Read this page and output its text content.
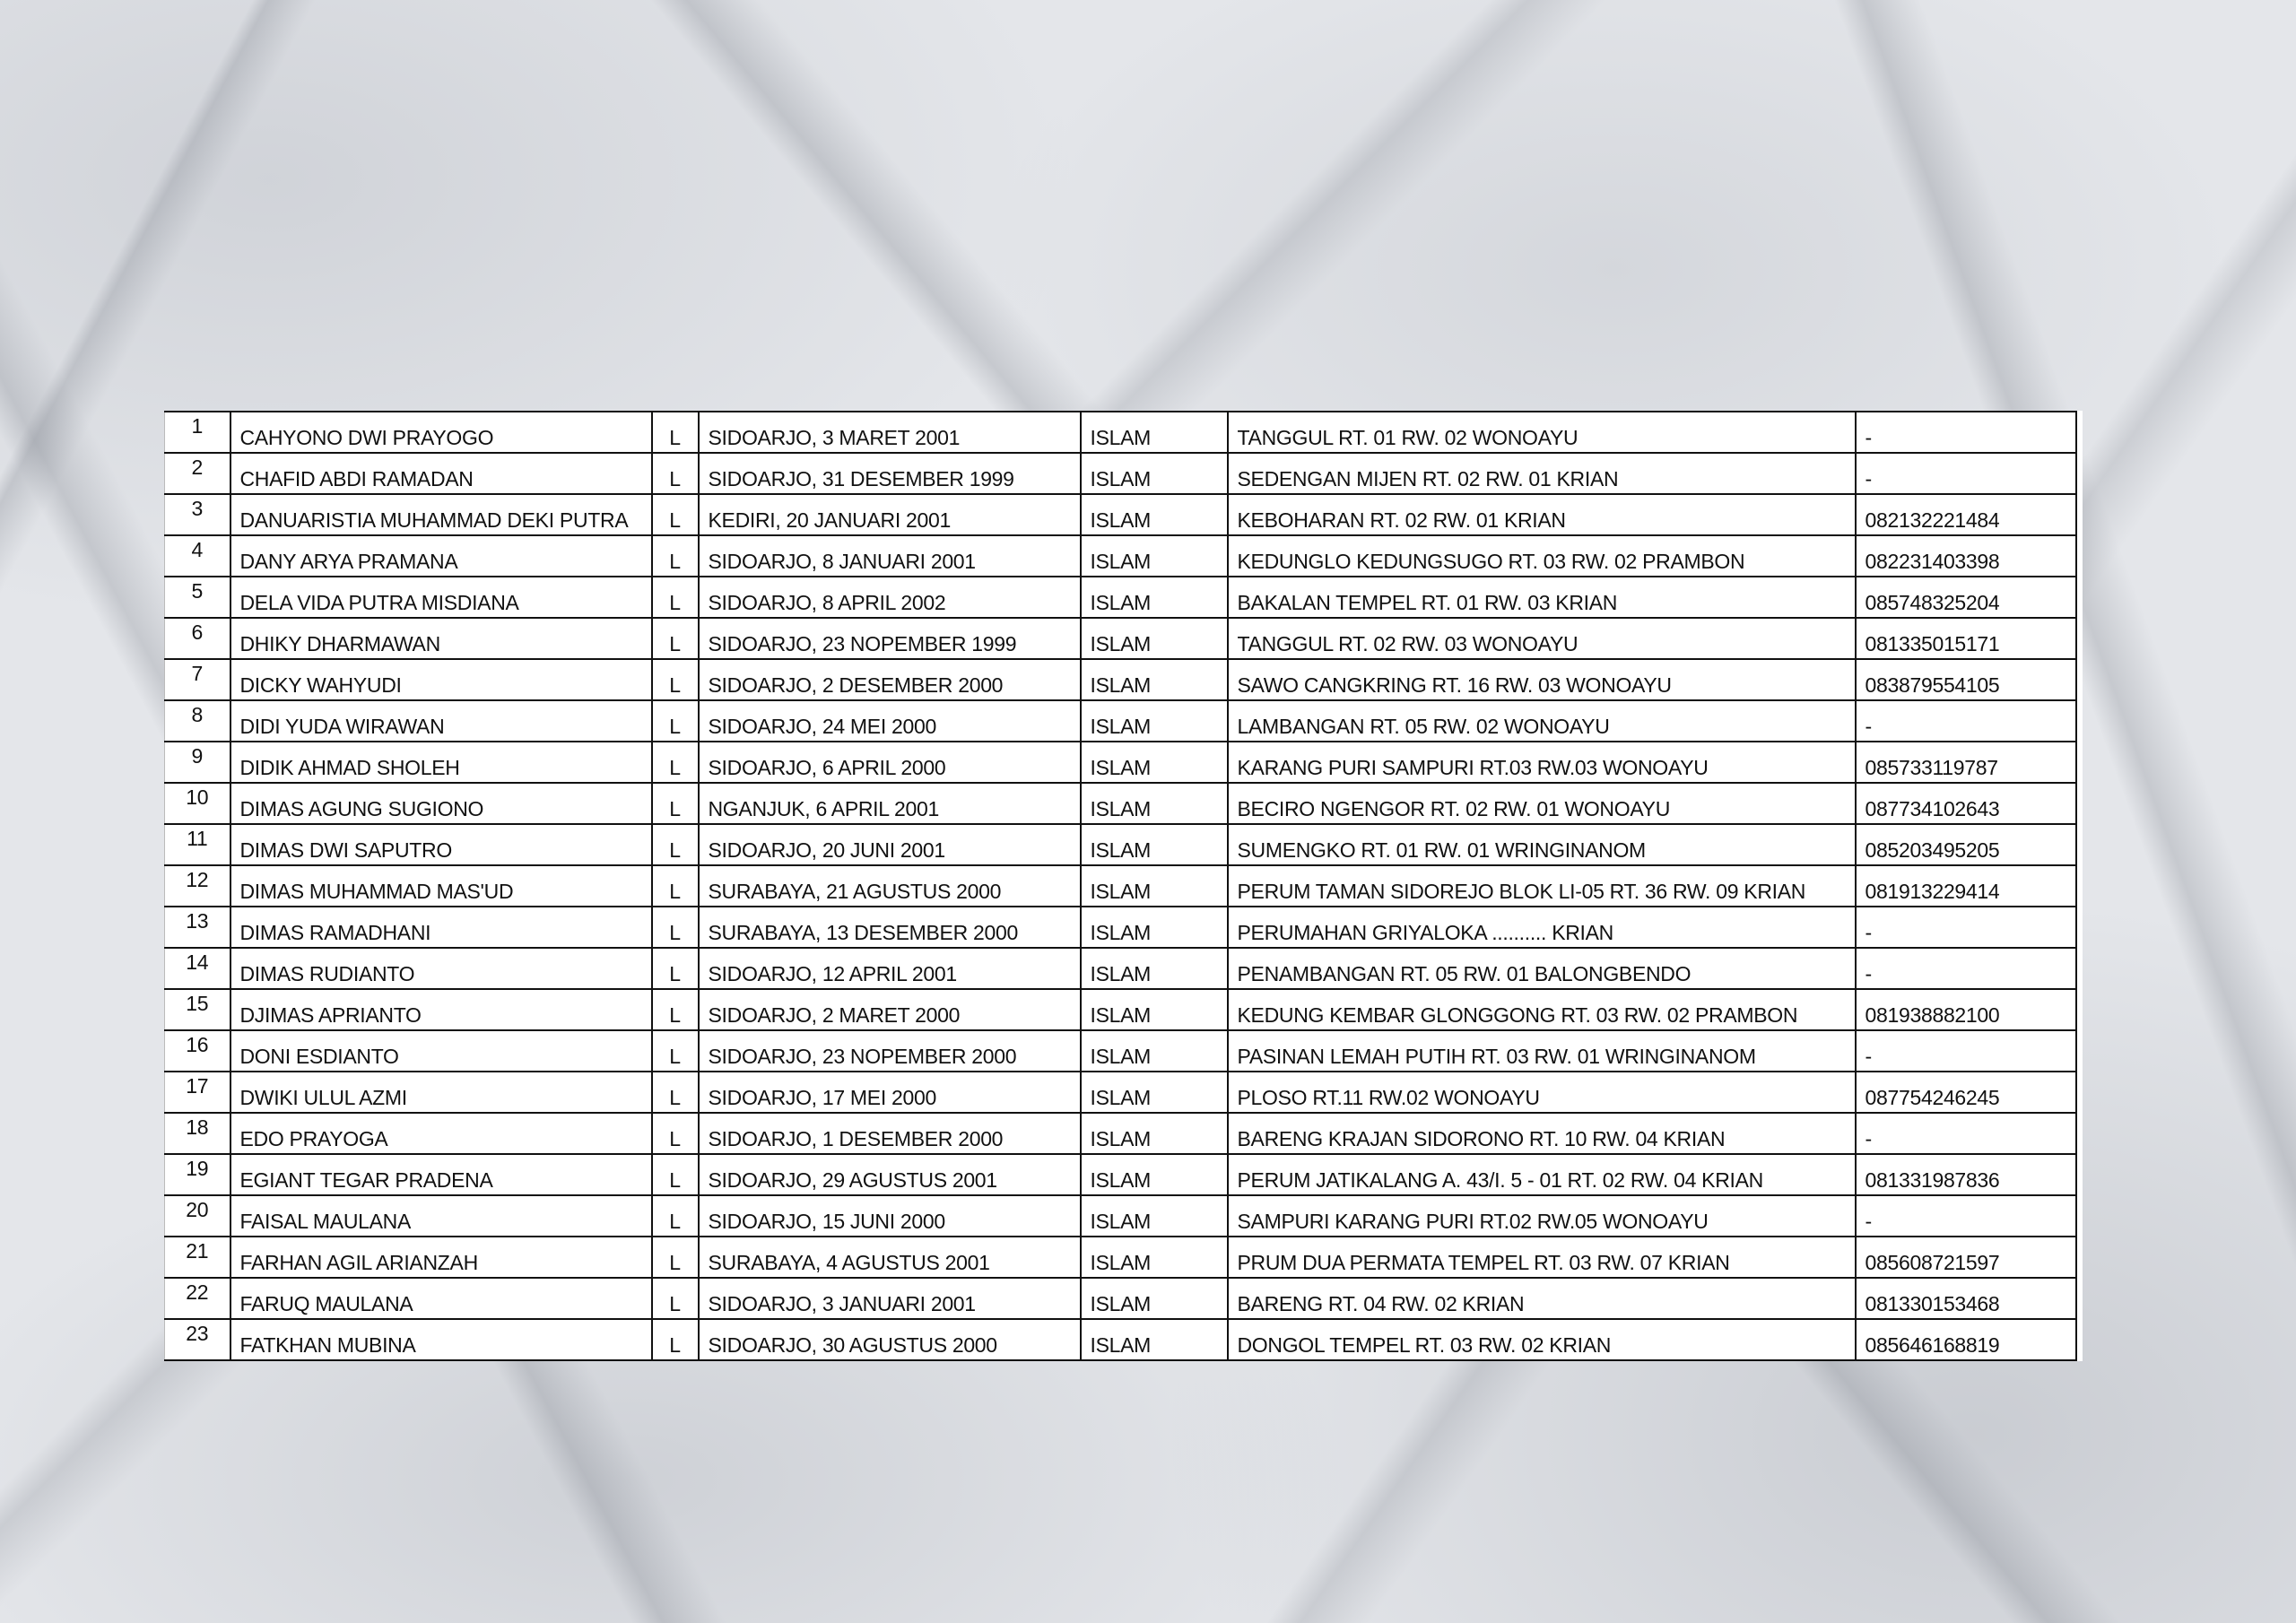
1	CAHYONO DWI PRAYOGO	L	SIDOARJO, 3 MARET 2001	ISLAM	TANGGUL RT. 01 RW. 02 WONOAYU	-
2	CHAFID ABDI RAMADAN	L	SIDOARJO, 31 DESEMBER 1999	ISLAM	SEDENGAN MIJEN RT. 02 RW. 01 KRIAN	-
3	DANUARISTIA MUHAMMAD DEKI PUTRA	L	KEDIRI, 20 JANUARI 2001	ISLAM	KEBOHARAN RT. 02 RW. 01 KRIAN	082132221484
4	DANY ARYA PRAMANA	L	SIDOARJO, 8 JANUARI 2001	ISLAM	KEDUNGLO KEDUNGSUGO RT. 03 RW. 02 PRAMBON	082231403398
5	DELA VIDA PUTRA MISDIANA	L	SIDOARJO, 8 APRIL 2002	ISLAM	BAKALAN TEMPEL RT. 01 RW. 03 KRIAN	085748325204
6	DHIKY DHARMAWAN	L	SIDOARJO, 23 NOPEMBER 1999	ISLAM	TANGGUL RT. 02 RW. 03 WONOAYU	081335015171
7	DICKY WAHYUDI	L	SIDOARJO, 2 DESEMBER 2000	ISLAM	SAWO CANGKRING RT. 16 RW. 03 WONOAYU	083879554105
8	DIDI YUDA WIRAWAN	L	SIDOARJO, 24 MEI 2000	ISLAM	LAMBANGAN RT. 05 RW. 02 WONOAYU	-
9	DIDIK AHMAD SHOLEH	L	SIDOARJO, 6 APRIL 2000	ISLAM	KARANG PURI SAMPURI RT.03 RW.03 WONOAYU	085733119787
10	DIMAS AGUNG SUGIONO	L	NGANJUK, 6 APRIL 2001	ISLAM	BECIRO NGENGOR RT. 02 RW. 01 WONOAYU	087734102643
11	DIMAS DWI SAPUTRO	L	SIDOARJO, 20 JUNI 2001	ISLAM	SUMENGKO RT. 01 RW. 01 WRINGINANOM	085203495205
12	DIMAS MUHAMMAD MAS'UD	L	SURABAYA, 21 AGUSTUS 2000	ISLAM	PERUM TAMAN SIDOREJO BLOK LI-05 RT. 36 RW. 09 KRIAN	081913229414
13	DIMAS RAMADHANI	L	SURABAYA, 13 DESEMBER 2000	ISLAM	PERUMAHAN GRIYALOKA .......... KRIAN	-
14	DIMAS RUDIANTO	L	SIDOARJO, 12 APRIL 2001	ISLAM	PENAMBANGAN RT. 05 RW. 01 BALONGBENDO	-
15	DJIMAS APRIANTO	L	SIDOARJO, 2 MARET 2000	ISLAM	KEDUNG KEMBAR GLONGGONG RT. 03 RW. 02 PRAMBON	081938882100
16	DONI ESDIANTO	L	SIDOARJO, 23 NOPEMBER 2000	ISLAM	PASINAN LEMAH PUTIH RT. 03 RW. 01 WRINGINANOM	-
17	DWIKI ULUL AZMI	L	SIDOARJO, 17 MEI 2000	ISLAM	PLOSO RT.11 RW.02 WONOAYU	087754246245
18	EDO PRAYOGA	L	SIDOARJO, 1 DESEMBER 2000	ISLAM	BARENG KRAJAN SIDORONO RT. 10 RW. 04 KRIAN	-
19	EGIANT TEGAR PRADENA	L	SIDOARJO, 29 AGUSTUS 2001	ISLAM	PERUM JATIKALANG A. 43/I. 5 - 01 RT. 02 RW. 04 KRIAN	081331987836
20	FAISAL MAULANA	L	SIDOARJO, 15 JUNI 2000	ISLAM	SAMPURI KARANG PURI RT.02 RW.05 WONOAYU	-
21	FARHAN AGIL ARIANZAH	L	SURABAYA, 4 AGUSTUS 2001	ISLAM	PRUM DUA PERMATA TEMPEL RT. 03 RW. 07 KRIAN	085608721597
22	FARUQ MAULANA	L	SIDOARJO, 3 JANUARI 2001	ISLAM	BARENG RT. 04 RW. 02 KRIAN	081330153468
23	FATKHAN MUBINA	L	SIDOARJO, 30 AGUSTUS 2000	ISLAM	DONGOL TEMPEL RT. 03 RW. 02 KRIAN	085646168819
